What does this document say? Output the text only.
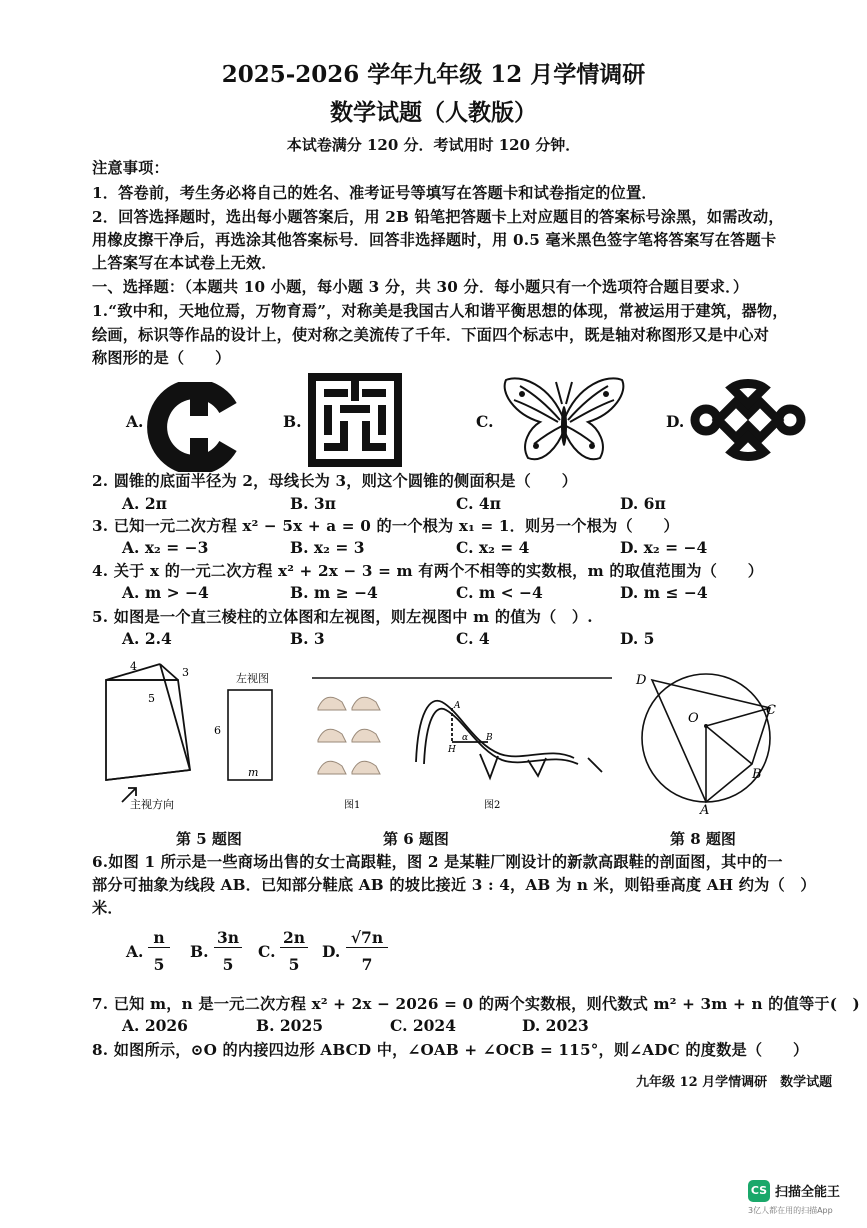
2025-2026 学年九年级 12 月学情调研
数学试题（人教版）
本试卷满分 120 分．考试用时 120 分钟．
注意事项：
1．答卷前，考生务必将自己的姓名、准考证号等填写在答题卡和试卷指定的位置．
2．回答选择题时，选出每小题答案后，用 2B 铅笔把答题卡上对应题目的答案标号涂黑，如需改动，
用橡皮擦干净后，再选涂其他答案标号．回答非选择题时，用 0.5 毫米黑色签字笔将答案写在答题卡
上答案写在本试卷上无效．
一、选择题：（本题共 10 小题，每小题 3 分，共 30 分．每小题只有一个选项符合题目要求．）
1.“致中和，天地位焉，万物育焉”，对称美是我国古人和谐平衡思想的体现，常被运用于建筑，器物，
绘画，标识等作品的设计上，使对称之美流传了千年．下面四个标志中，既是轴对称图形又是中心对
称图形的是（　　）
A.	B.	C.	D.
2. 圆锥的底面半径为 2，母线长为 3，则这个圆锥的侧面积是（　　）
A. 2π	B. 3π	C. 4π	D. 6π
3. 已知一元二次方程 x² − 5x + a = 0 的一个根为 x₁ = 1．则另一个根为（　　）
A. x₂ = −3	B. x₂ = 3	C. x₂ = 4	D. x₂ = −4
4. 关于 x 的一元二次方程 x² + 2x − 3 = m 有两个不相等的实数根，m 的取值范围为（　　）
A. m > −4	B. m ≥ −4	C. m < −4	D. m ≤ −4
5. 如图是一个直三棱柱的立体图和左视图，则左视图中 m 的值为（　）.
A. 2.4	B. 3	C. 4	D. 5
4	3
5
主视方向
左视图
6
m
图1
A
B
H
α
图2
D
O
C
B
A
第 5 题图	第 6 题图	第 8 题图
6.如图 1 所示是一些商场出售的女士高跟鞋，图 2 是某鞋厂刚设计的新款高跟鞋的剖面图，其中的一
部分可抽象为线段 AB．已知部分鞋底 AB 的坡比接近 3 : 4，AB 为 n 米，则铅垂高度 AH 约为（　）
米．
A.
n
5
B.
3n
5
C.
2n
5
D.
√7n
7
7. 已知 m，n 是一元二次方程 x² + 2x − 2026 = 0 的两个实数根，则代数式 m² + 3m + n 的值等于(　)
A. 2026	B. 2025	C. 2024	D. 2023
8. 如图所示，⊙O 的内接四边形 ABCD 中，∠OAB + ∠OCB = 115°，则∠ADC 的度数是（　　）
九年级 12 月学情调研　数学试题
CS 扫描全能王
3亿人都在用的扫描App
